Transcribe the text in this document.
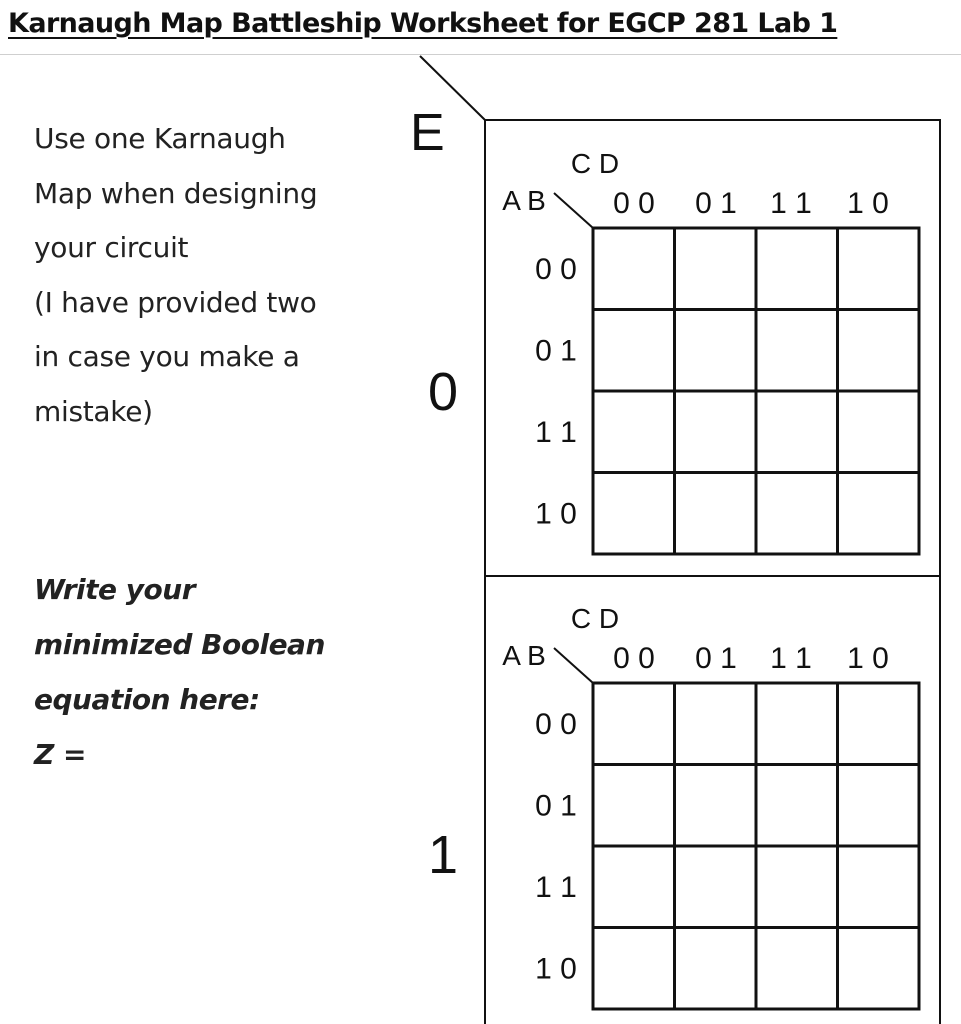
Karnaugh Map Battleship Worksheet for EGCP 281 Lab 1
Use one Karnaugh
Map when designing
your circuit
(I have provided two
in case you make a
mistake)
Write your
minimized Boolean
equation here:
Z =
E
0
C D
A B 0 0 0 1 1 1 1 0
0 0
0 1
1 1
1 0
1
C D
A B 0 0 0 1 1 1 1 0
0 0
0 1
1 1
1 0
